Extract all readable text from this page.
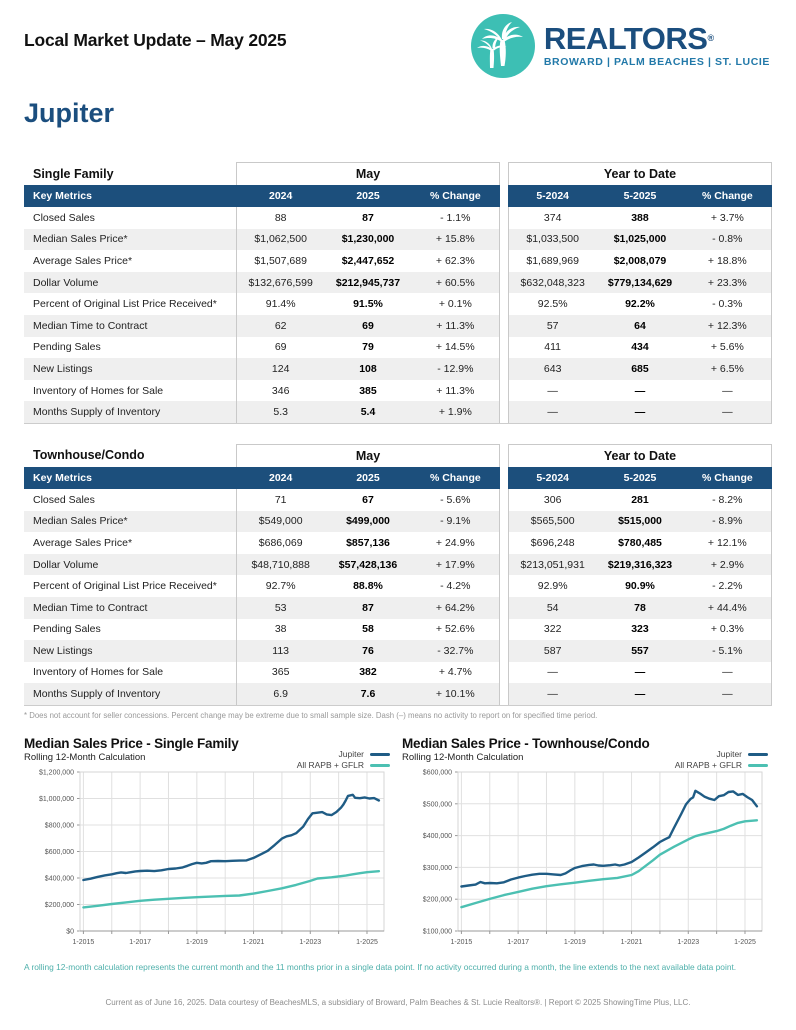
Local Market Update – May 2025	REALTORS®
BROWARD | PALM BEACHES | ST. LUCIE
Jupiter
Single Family	May	Year to Date
Key Metrics	2024	2025	% Change	5-2024	5-2025	% Change
Closed Sales	88	87	- 1.1%	374	388	+ 3.7%
Median Sales Price*	$1,062,500	$1,230,000	+ 15.8%	$1,033,500	$1,025,000	- 0.8%
Average Sales Price*	$1,507,689	$2,447,652	+ 62.3%	$1,689,969	$2,008,079	+ 18.8%
Dollar Volume	$132,676,599	$212,945,737	+ 60.5%	$632,048,323	$779,134,629	+ 23.3%
Percent of Original List Price Received*	91.4%	91.5%	+ 0.1%	92.5%	92.2%	- 0.3%
Median Time to Contract	62	69	+ 11.3%	57	64	+ 12.3%
Pending Sales	69	79	+ 14.5%	411	434	+ 5.6%
New Listings	124	108	- 12.9%	643	685	+ 6.5%
Inventory of Homes for Sale	346	385	+ 11.3%	—	—	—
Months Supply of Inventory	5.3	5.4	+ 1.9%	—	—	—
Townhouse/Condo	May	Year to Date
Key Metrics	2024	2025	% Change	5-2024	5-2025	% Change
Closed Sales	71	67	- 5.6%	306	281	- 8.2%
Median Sales Price*	$549,000	$499,000	- 9.1%	$565,500	$515,000	- 8.9%
Average Sales Price*	$686,069	$857,136	+ 24.9%	$696,248	$780,485	+ 12.1%
Dollar Volume	$48,710,888	$57,428,136	+ 17.9%	$213,051,931	$219,316,323	+ 2.9%
Percent of Original List Price Received*	92.7%	88.8%	- 4.2%	92.9%	90.9%	- 2.2%
Median Time to Contract	53	87	+ 64.2%	54	78	+ 44.4%
Pending Sales	38	58	+ 52.6%	322	323	+ 0.3%
New Listings	113	76	- 32.7%	587	557	- 5.1%
Inventory of Homes for Sale	365	382	+ 4.7%	—	—	—
Months Supply of Inventory	6.9	7.6	+ 10.1%	—	—	—
* Does not account for seller concessions. Percent change may be extreme due to small sample size. Dash (–) means no activity to report on for specified time period.
Median Sales Price - Single Family
Rolling 12-Month Calculation	Jupiter
All RAPB + GFLR
$0
$200,000
$400,000
$600,000
$800,000
$1,000,000
$1,200,000
1-2015	1-2017	1-2019	1-2021	1-2023	1-2025
Median Sales Price - Townhouse/Condo
Rolling 12-Month Calculation	Jupiter
All RAPB + GFLR
$100,000
$200,000
$300,000
$400,000
$500,000
$600,000
1-2015	1-2017	1-2019	1-2021	1-2023	1-2025
A rolling 12-month calculation represents the current month and the 11 months prior in a single data point. If no activity occurred during a month, the line extends to the next available data point.
Current as of June 16, 2025. Data courtesy of BeachesMLS, a subsidiary of Broward, Palm Beaches & St. Lucie Realtors®. | Report © 2025 ShowingTime Plus, LLC.
